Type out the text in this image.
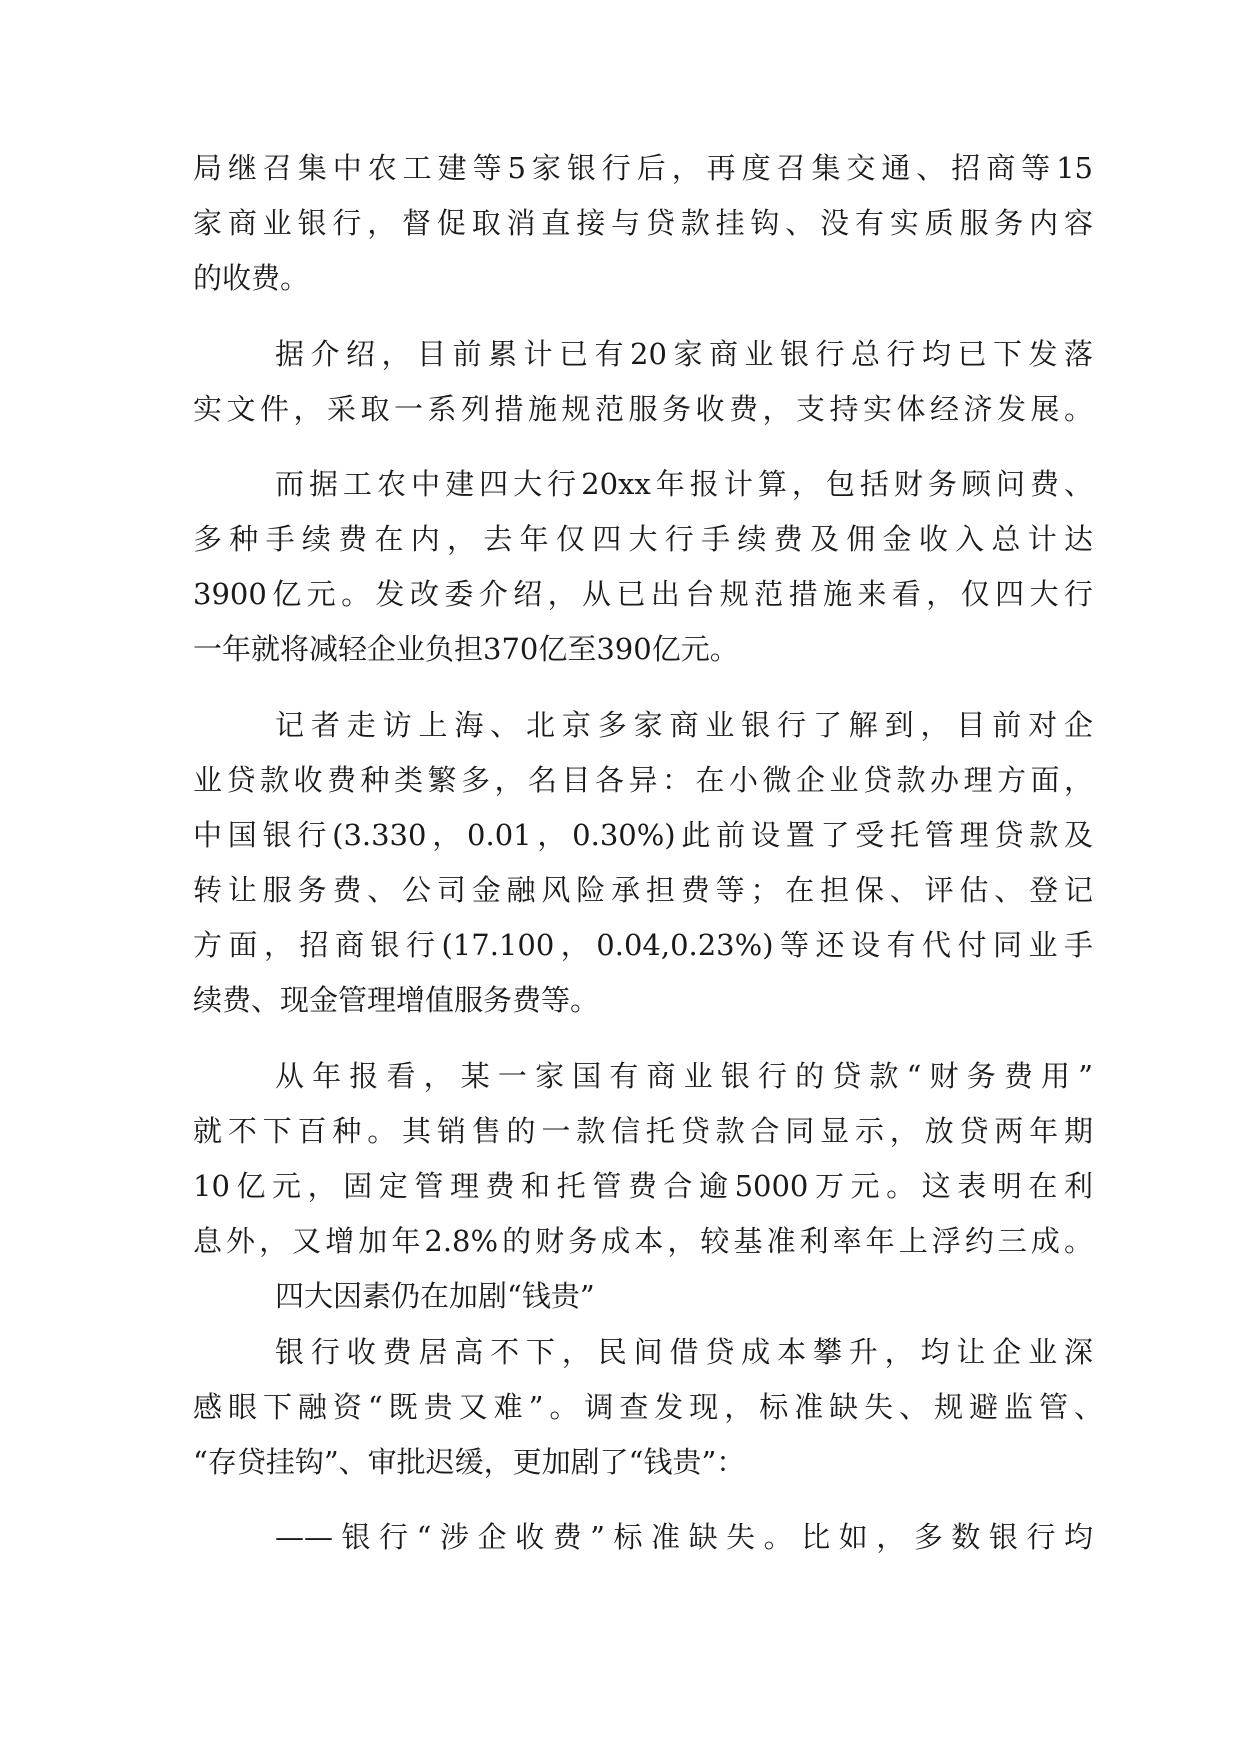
局继召集中农工建等5家银行后，再度召集交通、招商等15
家商业银行，督促取消直接与贷款挂钩、没有实质服务内容
的收费。
据介绍，目前累计已有20家商业银行总行均已下发落
实文件，采取一系列措施规范服务收费，支持实体经济发展。
而据工农中建四大行20xx年报计算，包括财务顾问费、
多种手续费在内，去年仅四大行手续费及佣金收入总计达
3900亿元。发改委介绍，从已出台规范措施来看，仅四大行
一年就将减轻企业负担370亿至390亿元。
记者走访上海、北京多家商业银行了解到，目前对企
业贷款收费种类繁多，名目各异：在小微企业贷款办理方面，
中国银行(3.330，0.01，0.30%)此前设置了受托管理贷款及
转让服务费、公司金融风险承担费等；在担保、评估、登记
方面，招商银行(17.100，0.04,0.23%)等还设有代付同业手
续费、现金管理增值服务费等。
从年报看，某一家国有商业银行的贷款“财务费用”
就不下百种。其销售的一款信托贷款合同显示，放贷两年期
10亿元，固定管理费和托管费合逾5000万元。这表明在利
息外，又增加年2.8%的财务成本，较基准利率年上浮约三成。
四大因素仍在加剧“钱贵”
银行收费居高不下，民间借贷成本攀升，均让企业深
感眼下融资“既贵又难”。调查发现，标准缺失、规避监管、
“存贷挂钩”、审批迟缓，更加剧了“钱贵”：
——银行“涉企收费”标准缺失。比如，多数银行均
